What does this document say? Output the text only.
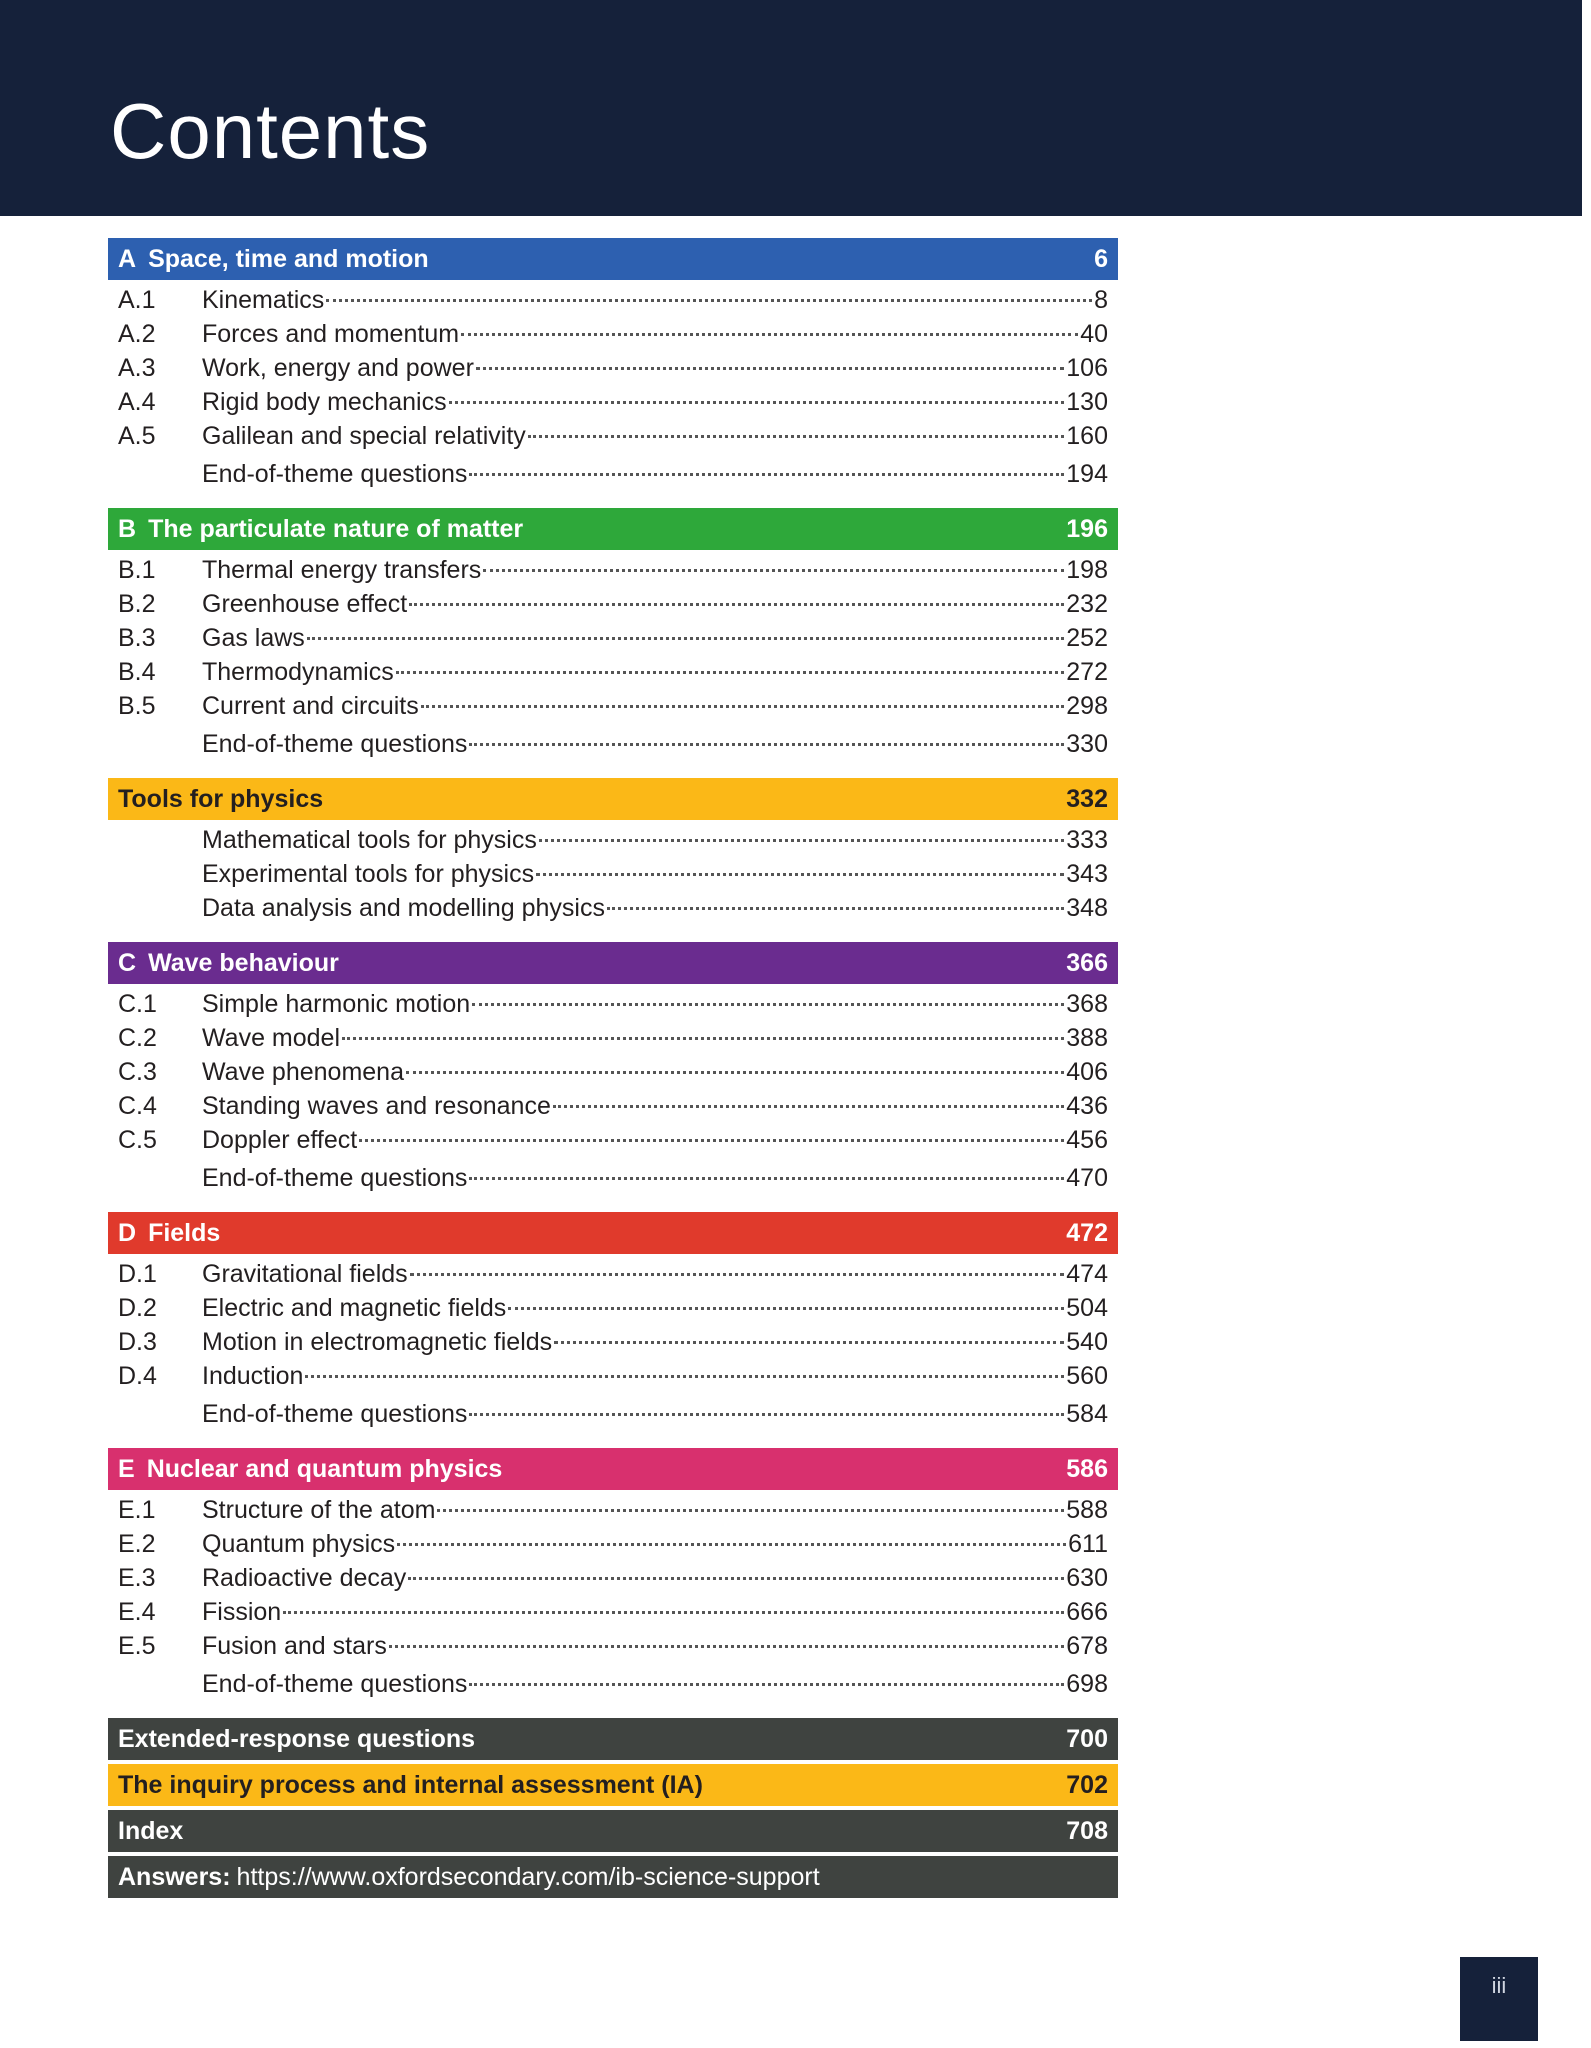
Contents
A Space, time and motion	6
A.1	Kinematics	8
A.2	Forces and momentum	40
A.3	Work, energy and power	106
A.4	Rigid body mechanics	130
A.5	Galilean and special relativity	160
End-of-theme questions	194
B The particulate nature of matter	196
B.1	Thermal energy transfers	198
B.2	Greenhouse effect	232
B.3	Gas laws	252
B.4	Thermodynamics	272
B.5	Current and circuits	298
End-of-theme questions	330
Tools for physics	332
Mathematical tools for physics	333
Experimental tools for physics	343
Data analysis and modelling physics	348
C Wave behaviour	366
C.1	Simple harmonic motion	368
C.2	Wave model	388
C.3	Wave phenomena	406
C.4	Standing waves and resonance	436
C.5	Doppler effect	456
End-of-theme questions	470
D Fields	472
D.1	Gravitational fields	474
D.2	Electric and magnetic fields	504
D.3	Motion in electromagnetic fields	540
D.4	Induction	560
End-of-theme questions	584
E Nuclear and quantum physics	586
E.1	Structure of the atom	588
E.2	Quantum physics	611
E.3	Radioactive decay	630
E.4	Fission	666
E.5	Fusion and stars	678
End-of-theme questions	698
Extended-response questions	700
The inquiry process and internal assessment (IA)	702
Index	708
Answers: https://www.oxfordsecondary.com/ib-science-support
iii
